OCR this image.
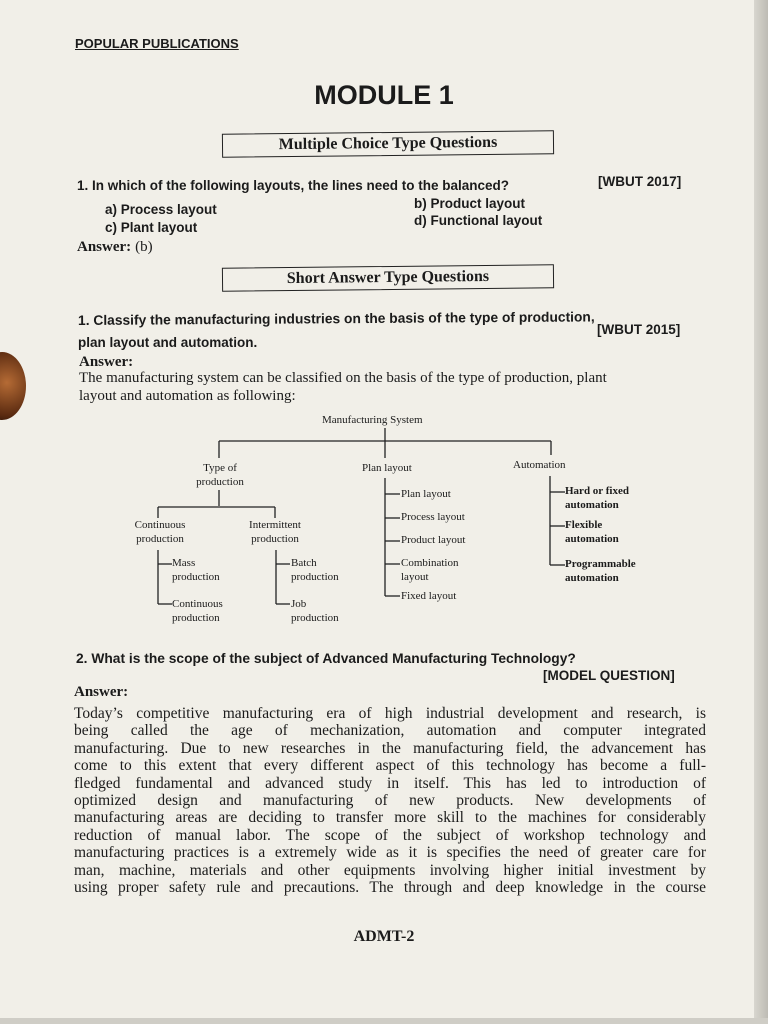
POPULAR PUBLICATIONS
MODULE 1
Multiple Choice Type Questions
1. In which of the following layouts, the lines need to the balanced?	[WBUT 2017]
a) Process layout	b) Product layout
c) Plant layout	d) Functional layout
Answer: (b)
Short Answer Type Questions
1. Classify the manufacturing industries on the basis of the type of production,
plan layout and automation.
[WBUT 2015]
Answer:
The manufacturing system can be classified on the basis of the type of production, plant
layout and automation as following:
Manufacturing System
Type of
production
Plan layout	Automation
Continuous
production
Intermittent
production
Mass
production
Continuous
production
Batch
production
Job
production
Plan layout
Process layout
Product layout
Combination
layout
Fixed layout
Hard or fixed
automation
Flexible
automation
Programmable
automation
2. What is the scope of the subject of Advanced Manufacturing Technology?
[MODEL QUESTION]
Answer:
Today’s competitive manufacturing era of high industrial development and research, is
being called the age of mechanization, automation and computer integrated
manufacturing. Due to new researches in the manufacturing field, the advancement has
come to this extent that every different aspect of this technology has become a full-
fledged fundamental and advanced study in itself. This has led to introduction of
optimized design and manufacturing of new products. New developments of
manufacturing areas are deciding to transfer more skill to the machines for considerably
reduction of manual labor. The scope of the subject of workshop technology and
manufacturing practices is a extremely wide as it is specifies the need of greater care for
man, machine, materials and other equipments involving higher initial investment by
using proper safety rule and precautions. The through and deep knowledge in the course
ADMT-2
